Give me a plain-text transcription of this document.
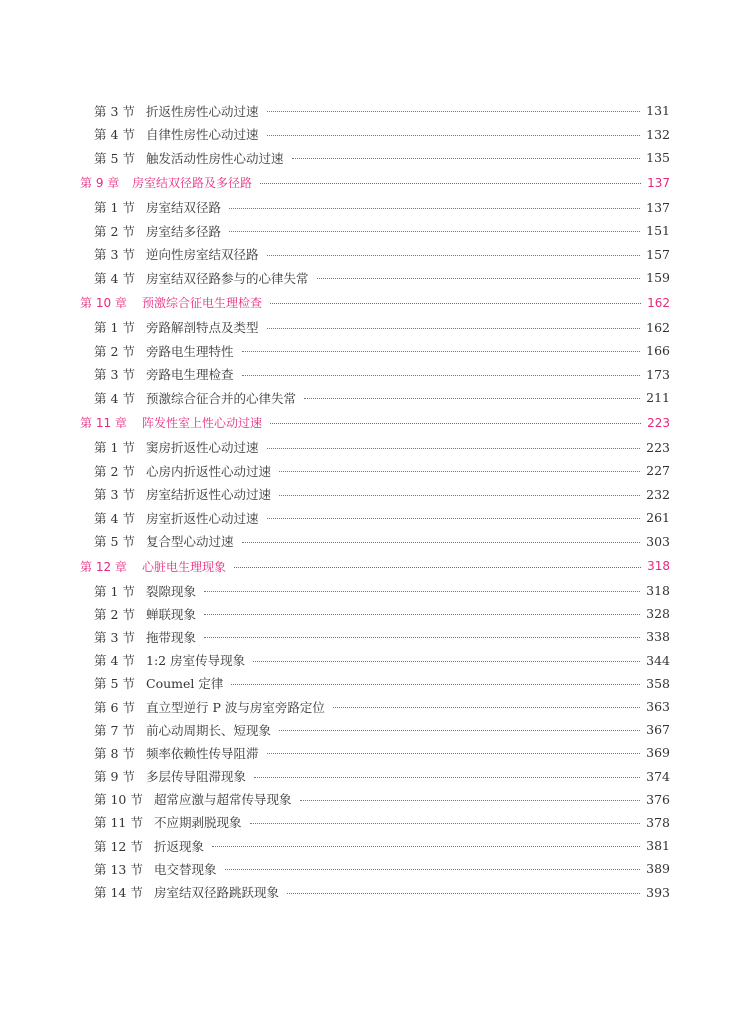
第 3 节 折返性房性心动过速	131
第 4 节 自律性房性心动过速	132
第 5 节 触发活动性房性心动过速	135
第 9 章	房室结双径路及多径路	137
第 1 节 房室结双径路	137
第 2 节 房室结多径路	151
第 3 节 逆向性房室结双径路	157
第 4 节 房室结双径路参与的心律失常	159
第 10 章	预激综合征电生理检查	162
第 1 节 旁路解剖特点及类型	162
第 2 节 旁路电生理特性	166
第 3 节 旁路电生理检查	173
第 4 节 预激综合征合并的心律失常	211
第 11 章	阵发性室上性心动过速	223
第 1 节 窦房折返性心动过速	223
第 2 节 心房内折返性心动过速	227
第 3 节 房室结折返性心动过速	232
第 4 节 房室折返性心动过速	261
第 5 节 复合型心动过速	303
第 12 章	心脏电生理现象	318
第 1 节 裂隙现象	318
第 2 节 蝉联现象	328
第 3 节 拖带现象	338
第 4 节 1:2 房室传导现象	344
第 5 节 Coumel 定律	358
第 6 节 直立型逆行 P 波与房室旁路定位	363
第 7 节 前心动周期长、短现象	367
第 8 节 频率依赖性传导阻滞	369
第 9 节 多层传导阻滞现象	374
第 10 节 超常应激与超常传导现象	376
第 11 节 不应期剥脱现象	378
第 12 节 折返现象	381
第 13 节 电交替现象	389
第 14 节 房室结双径路跳跃现象	393
